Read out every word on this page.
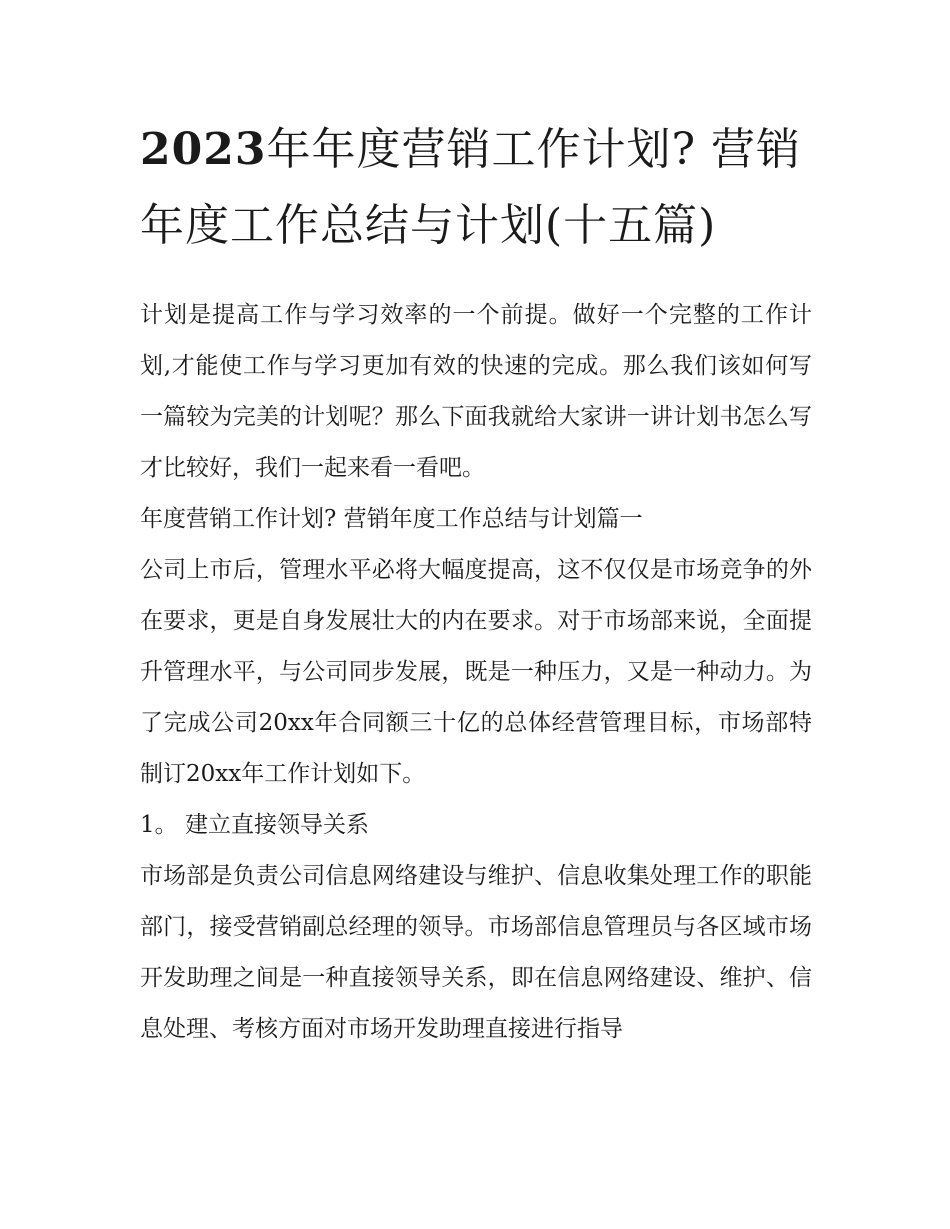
2023年年度营销工作计划? 营销年度工作总结与计划(十五篇)

计划是提高工作与学习效率的一个前提。做好一个完整的工作计划,才能使工作与学习更加有效的快速的完成。那么我们该如何写一篇较为完美的计划呢？那么下面我就给大家讲一讲计划书怎么写才比较好，我们一起来看一看吧。

年度营销工作计划? 营销年度工作总结与计划篇一

公司上市后，管理水平必将大幅度提高，这不仅仅是市场竞争的外在要求，更是自身发展壮大的内在要求。对于市场部来说，全面提升管理水平，与公司同步发展，既是一种压力，又是一种动力。为了完成公司20xx年合同额三十亿的总体经营管理目标，市场部特制订20xx年工作计划如下。

1。 建立直接领导关系

市场部是负责公司信息网络建设与维护、信息收集处理工作的职能部门，接受营销副总经理的领导。市场部信息管理员与各区域市场开发助理之间是一种直接领导关系，即在信息网络建设、维护、信息处理、考核方面对市场开发助理直接进行指导
